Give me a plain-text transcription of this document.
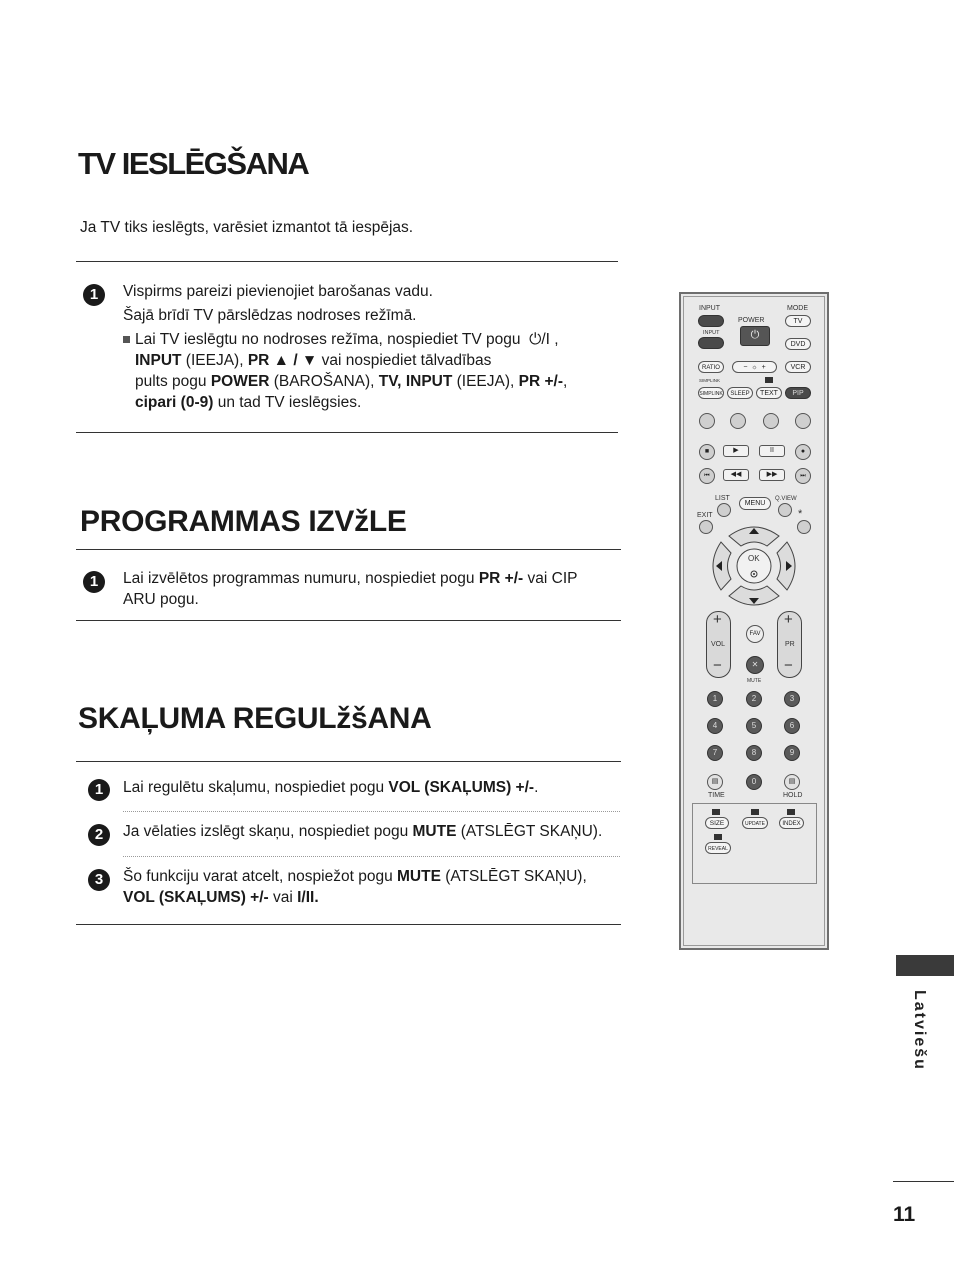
TV IESLĒGŠANA
Ja TV tiks ieslēgts, varēsiet izmantot tā iespējas.
1	Vispirms pareizi pievienojiet barošanas vadu.
Šajā brīdī TV pārslēdzas nodroses režīmā.
Lai TV ieslēgtu no nodroses režīma, nospiediet TV pogu ⏻/I ,
INPUT (IEEJA), PR ▲ / ▼ vai nospiediet tālvadības
pults pogu POWER (BAROŠANA), TV, INPUT (IEEJA), PR +/-,
cipari (0-9) un tad TV ieslēgsies.
PROGRAMMAS IZVžLE
1	Lai izvēlētos programmas numuru, nospiediet pogu PR +/- vai CIP
ARU pogu.
SKAĻUMA REGULžšANA
1	Lai regulētu skaļumu, nospiediet pogu VOL (SKAĻUMS) +/-.
2	Ja vēlaties izslēgt skaņu, nospiediet pogu MUTE (ATSLĒGT SKAŅU).
3	Šo funkciju varat atcelt, nospiežot pogu MUTE (ATSLĒGT SKAŅU),
VOL (SKAĻUMS) +/- vai I/II.
INPUT
POWER
MODE
INPUT	⏻
TV
DVD
RATIO	−  ☼  +	VCR
SIMPLINK
SIMPLINK	SLEEP	TEXT	PIP
■	▶	II	●
⏮	◀◀	▶▶	⏭
LIST	Q.VIEW
EXIT	*
MENU
OK
+
VOL
−
+
PR
−
FAV
✕
MUTE
1	2	3
4	5	6
7	8	9
▤	0	▤
TIME	HOLD
SIZE	UPDATE	INDEX
REVEAL
Latviešu
11
